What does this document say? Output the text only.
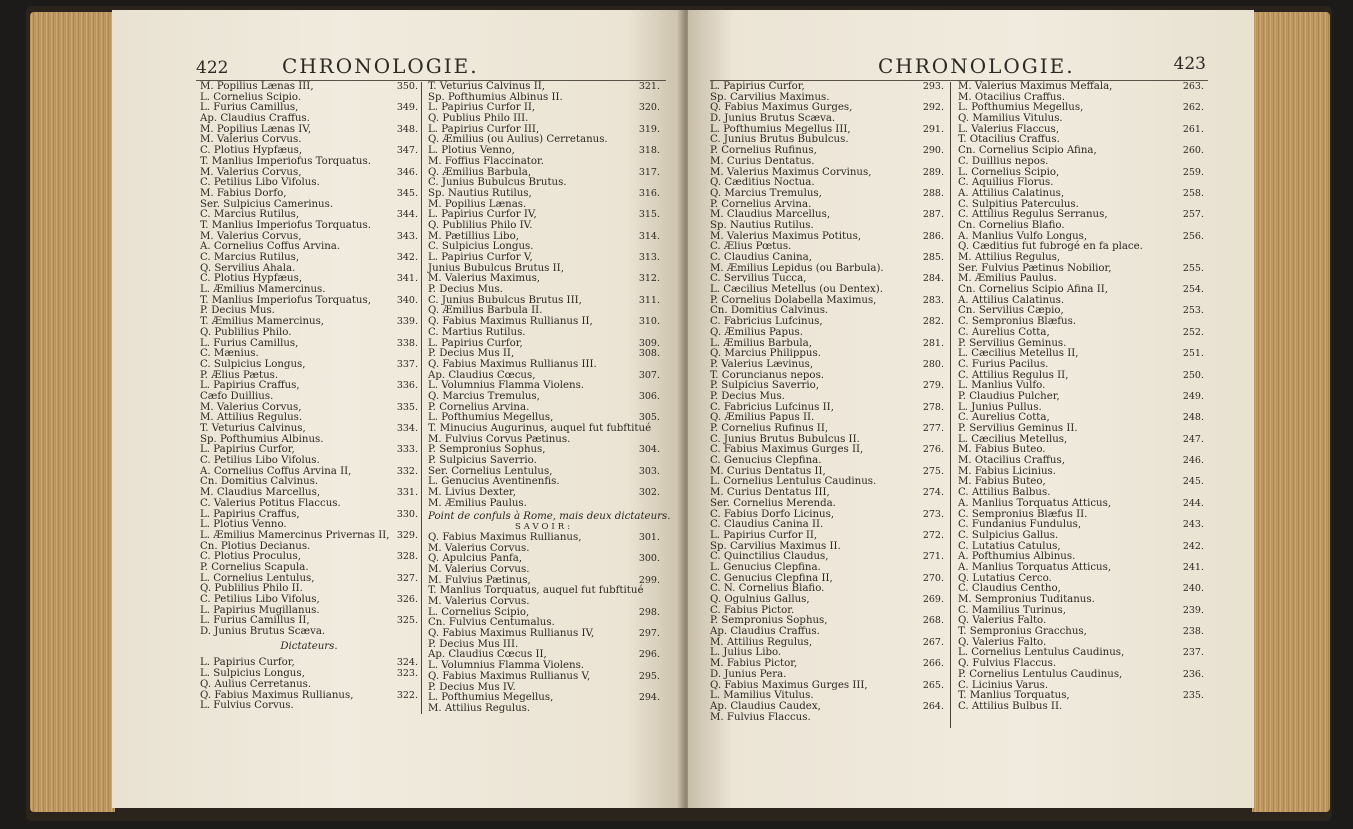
422	CHRONOLOGIE.
M. Popilius Lænas III,	350.
L. Cornelius Scipio.
L. Furius Camillus,	349.
Ap. Claudius Craffus.
M. Popilius Lænas IV,	348.
M. Valerius Corvus.
C. Plotius Hypfæus,	347.
T. Manlius Imperiofus Torquatus.
M. Valerius Corvus,	346.
C. Petilius Libo Vifolus.
M. Fabius Dorfo,	345.
Ser. Sulpicius Camerinus.
C. Marcius Rutilus,	344.
T. Manlius Imperiofus Torquatus.
M. Valerius Corvus,	343.
A. Cornelius Coffus Arvina.
C. Marcius Rutilus,	342.
Q. Servilius Ahala.
C. Plotius Hypfæus,	341.
L. Æmilius Mamercinus.
T. Manlius Imperiofus Torquatus,	340.
P. Decius Mus.
T. Æmilius Mamercinus,	339.
Q. Publilius Philo.
L. Furius Camillus,	338.
C. Mænius.
C. Sulpicius Longus,	337.
P. Ælius Pætus.
L. Papirius Craffus,	336.
Cæfo Duillius.
M. Valerius Corvus,	335.
M. Attilius Regulus.
T. Veturius Calvinus,	334.
Sp. Pofthumius Albinus.
L. Papirius Curfor,	333.
C. Petilius Libo Vifolus.
A. Cornelius Coffus Arvina II,	332.
Cn. Domitius Calvinus.
M. Claudius Marcellus,	331.
C. Valerius Potitus Flaccus.
L. Papirius Craffus,	330.
L. Plotius Venno.
L. Æmilius Mamercinus Privernas II, 329.
Cn. Plotius Decianus.
C. Plotius Proculus,	328.
P. Cornelius Scapula.
L. Cornelius Lentulus,	327.
Q. Publilius Philo II.
C. Petilius Libo Vifolus,	326.
L. Papirius Mugillanus.
L. Furius Camillus II,	325.
D. Junius Brutus Scæva.
Dictateurs.
L. Papirius Curfor,	324.
L. Sulpicius Longus,	323.
Q. Aulius Cerretanus.
Q. Fabius Maximus Rullianus,	322.
L. Fulvius Corvus.
T. Veturius Calvinus II,	321.
Sp. Pofthumius Albinus II.
L. Papirius Curfor II,	320.
Q. Publius Philo III.
L. Papirius Curfor III,	319.
Q. Æmilius (ou Aulius) Cerretanus.
L. Plotius Venno,	318.
M. Foffius Flaccinator.
Q. Æmilius Barbula,	317.
C. Junius Bubulcus Brutus.
Sp. Nautius Rutilus,	316.
M. Popilius Lænas.
L. Papirius Curfor IV,	315.
Q. Publilius Philo IV.
M. Pætillius Libo,	314.
C. Sulpicius Longus.
L. Papirius Curfor V,	313.
Junius Bubulcus Brutus II,
M. Valerius Maximus,	312.
P. Decius Mus.
C. Junius Bubulcus Brutus III,	311.
Q. Æmilius Barbula II.
Q. Fabius Maximus Rullianus II,	310.
C. Martius Rutilus.
L. Papirius Curfor,	309.
P. Decius Mus II,	308.
Q. Fabius Maximus Rullianus III.
Ap. Claudius Cœcus,	307.
L. Volumnius Flamma Violens.
Q. Marcius Tremulus,	306.
P. Cornelius Arvina.
L. Pofthumius Megellus,	305.
T. Minucius Augurinus, auquel fut fubftitué
M. Fulvius Corvus Pætinus.
P. Sempronius Sophus,	304.
P. Sulpicius Saverrio.
Ser. Cornelius Lentulus,	303.
L. Genucius Aventinenfis.
M. Livius Dexter,	302.
M. Æmilius Paulus.
Point de confuls à Rome, mais deux dictateurs.
SAVOIR:
Q. Fabius Maximus Rullianus,	301.
M. Valerius Corvus.
Q. Apulcius Panfa,	300.
M. Valerius Corvus.
M. Fulvius Pætinus,	299.
T. Manlius Torquatus, auquel fut fubftitué
M. Valerius Corvus.
L. Cornelius Scipio,	298.
Cn. Fulvius Centumalus.
Q. Fabius Maximus Rullianus IV,	297.
P. Decius Mus III.
Ap. Claudius Cœcus II,	296.
L. Volumnius Flamma Violens.
Q. Fabius Maximus Rullianus V,	295.
P. Decius Mus IV.
L. Pofthumius Megellus,	294.
M. Attilius Regulus.
CHRONOLOGIE.	423
L. Papirius Curfor,	293.
Sp. Carvilius Maximus.
Q. Fabius Maximus Gurges,	292.
D. Junius Brutus Scæva.
L. Pofthumius Megellus III,	291.
C. Junius Brutus Bubulcus.
P. Cornelius Rufinus,	290.
M. Curius Dentatus.
M. Valerius Maximus Corvinus,	289.
Q. Cæditius Noctua.
Q. Marcius Tremulus,	288.
P. Cornelius Arvina.
M. Claudius Marcellus,	287.
Sp. Nautius Rutilus.
M. Valerius Maximus Potitus,	286.
C. Ælius Pœtus.
C. Claudius Canina,	285.
M. Æmilius Lepidus (ou Barbula).
C. Servilius Tucca,	284.
L. Cæcilius Metellus (ou Dentex).
P. Cornelius Dolabella Maximus,	283.
Cn. Domitius Calvinus.
C. Fabricius Lufcinus,	282.
Q. Æmilius Papus.
L. Æmilius Barbula,	281.
Q. Marcius Philippus.
P. Valerius Lævinus,	280.
T. Coruncianus nepos.
P. Sulpicius Saverrio,	279.
P. Decius Mus.
C. Fabricius Lufcinus II,	278.
Q. Æmilius Papus II.
P. Cornelius Rufinus II,	277.
C. Junius Brutus Bubulcus II.
C. Fabius Maximus Gurges II,	276.
C. Genucius Clepfina.
M. Curius Dentatus II,	275.
L. Cornelius Lentulus Caudinus.
M. Curius Dentatus III,	274.
Ser. Cornelius Merenda.
C. Fabius Dorfo Licinus,	273.
C. Claudius Canina II.
L. Papirius Curfor II,	272.
Sp. Carvilius Maximus II.
C. Quinctilius Claudus,	271.
L. Genucius Clepfina.
C. Genucius Clepfina II,	270.
C. N. Cornelius Blafio.
Q. Ogulnius Gallus,	269.
C. Fabius Pictor.
P. Sempronius Sophus,	268.
Ap. Claudius Craffus.
M. Attilius Regulus,	267.
L. Julius Libo.
M. Fabius Pictor,	266.
D. Junius Pera.
Q. Fabius Maximus Gurges III,	265.
L. Mamilius Vitulus.
Ap. Claudius Caudex,	264.
M. Fulvius Flaccus.
M. Valerius Maximus Meffala,	263.
M. Otacilius Craffus.
L. Pofthumius Megellus,	262.
Q. Mamilius Vitulus.
L. Valerius Flaccus,	261.
T. Otacilius Craffus.
Cn. Cornelius Scipio Afina,	260.
C. Duillius nepos.
L. Cornelius Scipio,	259.
C. Aquilius Florus.
A. Attilius Calatinus,	258.
C. Sulpitius Paterculus.
C. Attilius Regulus Serranus,	257.
Cn. Cornelius Blafio.
A. Manlius Vulfo Longus,	256.
Q. Cæditius fut fubrogé en fa place.
M. Attilius Regulus,
Ser. Fulvius Pætinus Nobilior,	255.
M. Æmilius Paulus.
Cn. Cornelius Scipio Afina II,	254.
A. Attilius Calatinus.
Cn. Servilius Cæpio,	253.
C. Sempronius Blæfus.
C. Aurelius Cotta,	252.
P. Servilius Geminus.
L. Cæcilius Metellus II,	251.
C. Furius Pacilus.
C. Attilius Regulus II,	250.
L. Manlius Vulfo.
P. Claudius Pulcher,	249.
L. Junius Pullus.
C. Aurelius Cotta,	248.
P. Servilius Geminus II.
L. Cæcilius Metellus,	247.
M. Fabius Buteo.
M. Otacilius Craffus,	246.
M. Fabius Licinius.
M. Fabius Buteo,	245.
C. Attilius Balbus.
A. Manlius Torquatus Atticus,	244.
C. Sempronius Blæfus II.
C. Fundanius Fundulus,	243.
C. Sulpicius Gallus.
C. Lutatius Catulus,	242.
A. Pofthumius Albinus.
A. Manlius Torquatus Atticus,	241.
Q. Lutatius Cerco.
C. Claudius Centho,	240.
M. Sempronius Tuditanus.
C. Mamilius Turinus,	239.
Q. Valerius Falto.
T. Sempronius Gracchus,	238.
Q. Valerius Falto.
L. Cornelius Lentulus Caudinus,	237.
Q. Fulvius Flaccus.
P. Cornelius Lentulus Caudinus,	236.
C. Licinius Varus.
T. Manlius Torquatus,	235.
C. Attilius Bulbus II.
